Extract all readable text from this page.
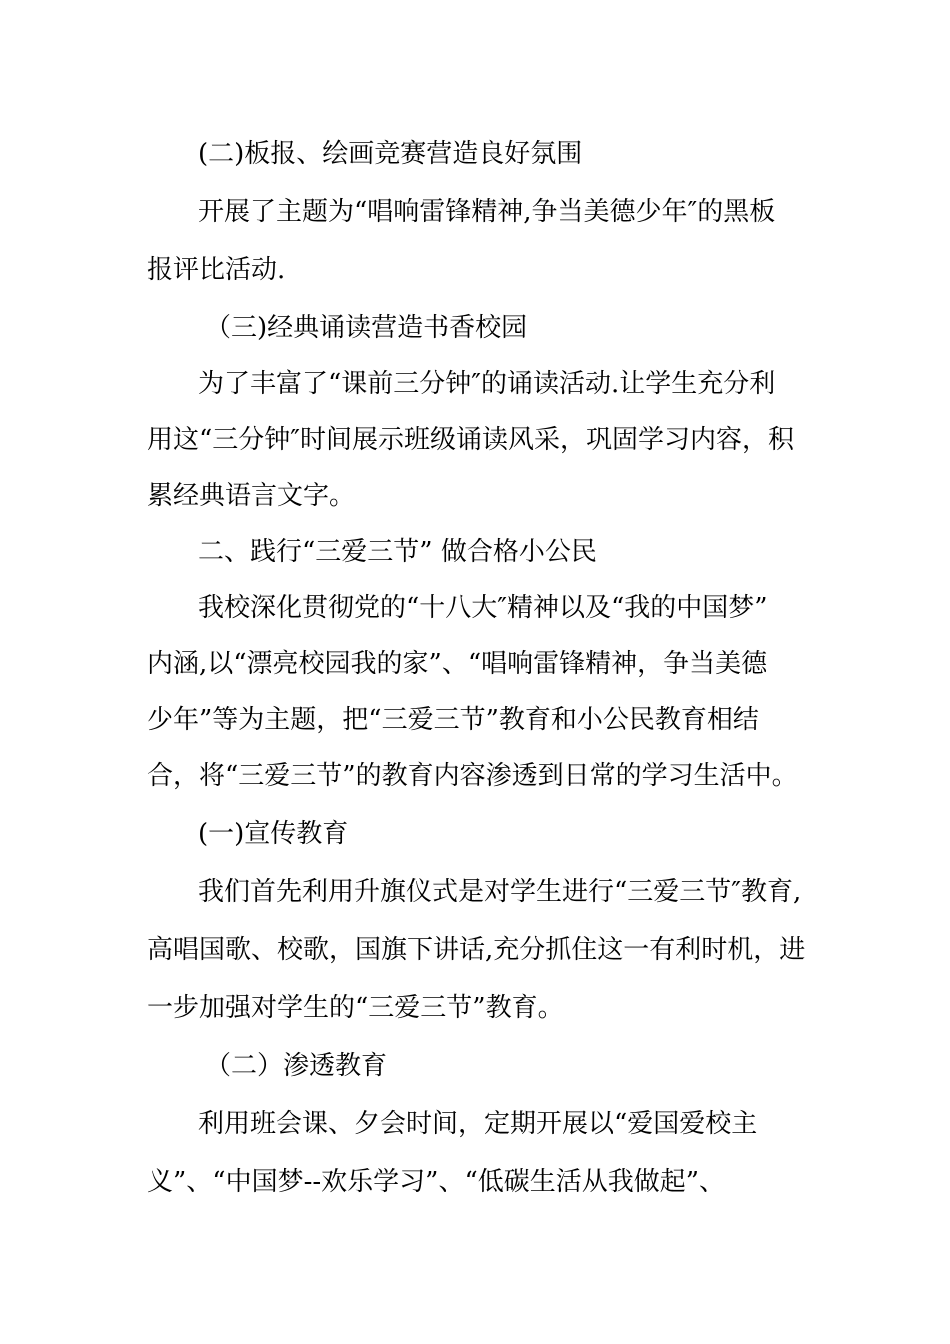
(二)板报、绘画竞赛营造良好氛围
开展了主题为“唱响雷锋精神,争当美德少年″的黑板
报评比活动.
（三)经典诵读营造书香校园
为了丰富了“课前三分钟″的诵读活动.让学生充分利
用这“三分钟″时间展示班级诵读风采，巩固学习内容，积
累经典语言文字。
二、践行“三爱三节” 做合格小公民
我校深化贯彻党的“十八大″精神以及“我的中国梦”
内涵,以“漂亮校园我的家”、“唱响雷锋精神，争当美德
少年”等为主题，把“三爱三节”教育和小公民教育相结
合，将“三爱三节”的教育内容渗透到日常的学习生活中。
(一)宣传教育
我们首先利用升旗仪式是对学生进行“三爱三节″教育,
高唱国歌、校歌，国旗下讲话,充分抓住这一有利时机，进
一步加强对学生的“三爱三节”教育。
（二）渗透教育
利用班会课、夕会时间，定期开展以“爱国爱校主
义”、“中国梦--欢乐学习”、“低碳生活从我做起”、
